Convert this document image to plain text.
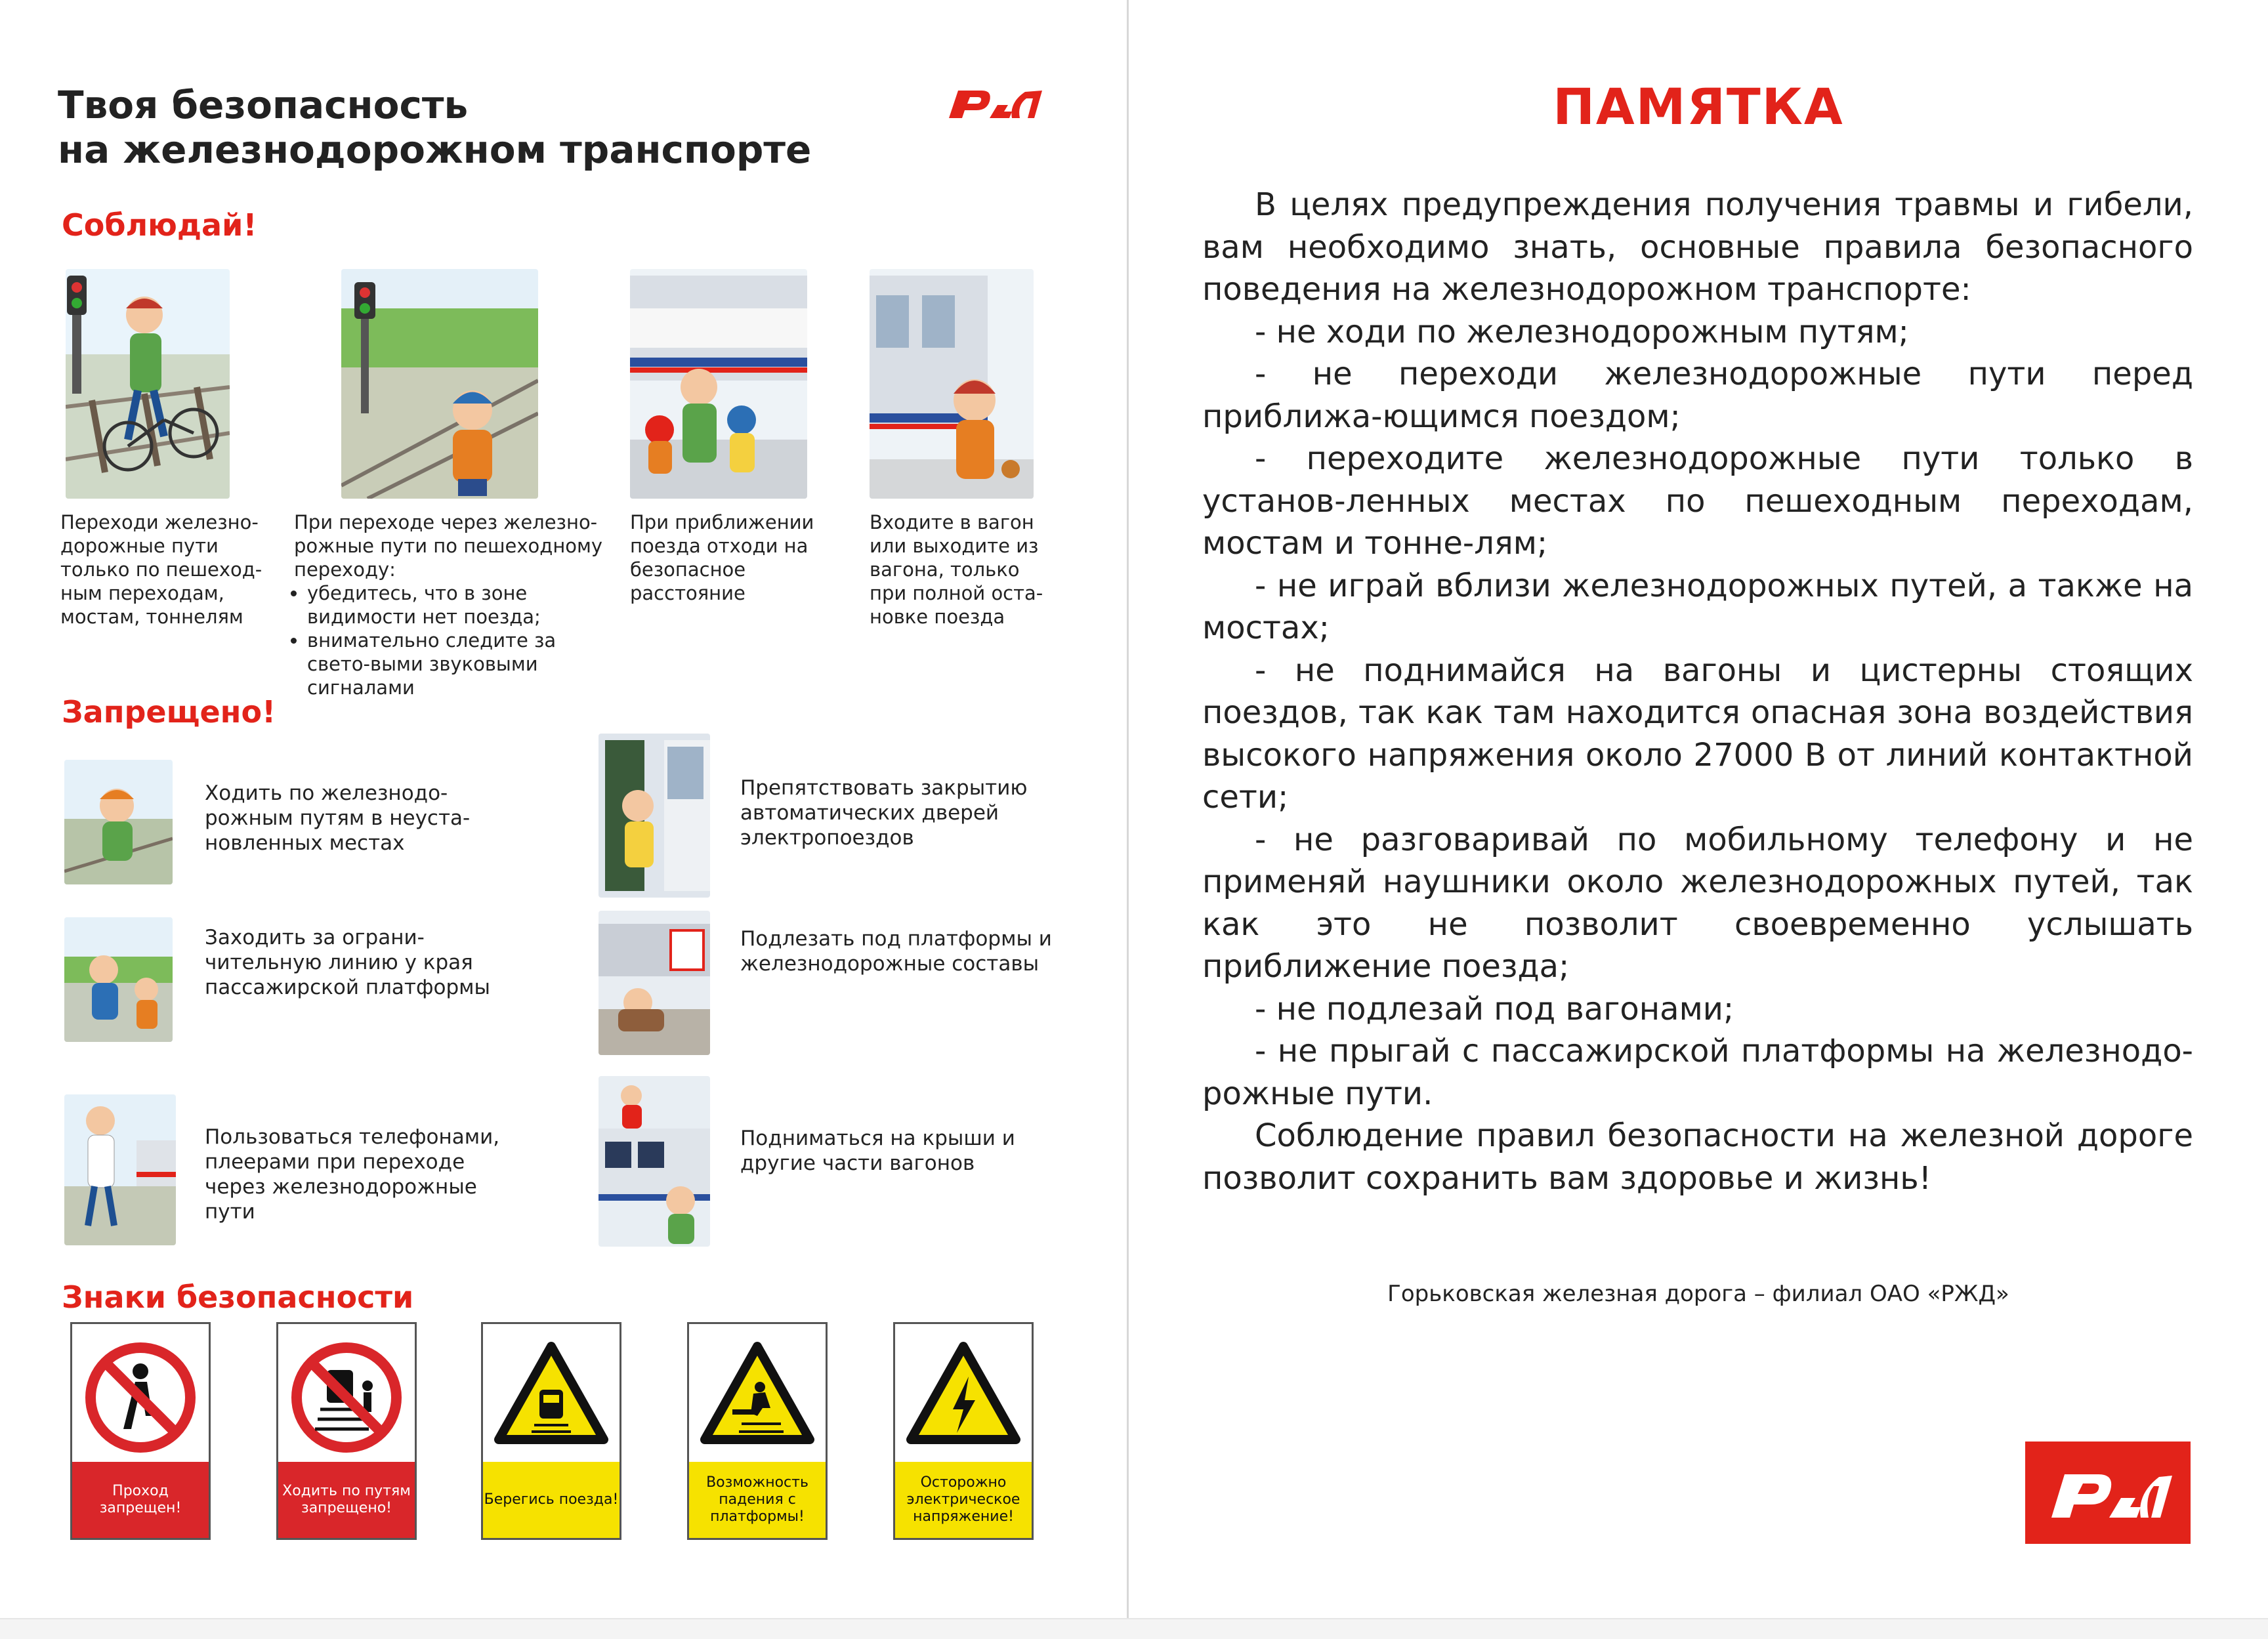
Твоя безопасность
на железнодорожном транспорте
Соблюдай!
Переходи железно-дорожные пути только по пешеход-ным переходам, мостам, тоннелям
При переходе через железно-рожные пути по пешеходному переходу:
• убедитесь, что в зоне видимости нет поезда;
• внимательно следите за свето-выми звуковыми сигналами
При приближении поезда отходи на безопасное расстояние
Входите в вагон или выходите из вагона, только при полной оста-новке поезда
Запрещено!
Ходить по железнодо-рожным путям в неуста-новленных местах
Препятствовать закрытию автоматических дверей электропоездов
Заходить за ограни-чительную линию у края пассажирской платформы
Подлезать под платформы и железнодорожные составы
Пользоваться телефонами, плеерами при переходе через железнодорожные пути
Подниматься на крыши и другие части вагонов
Знаки безопасности
Проход запрещен!
Ходить по путям запрещено!
Берегись поезда!
Возможность падения с платформы!
Осторожно электрическое напряжение!
ПАМЯТКА

В целях предупреждения получения травмы и гибели, вам необходимо знать, основные правила безопасного поведения на железнодорожном транспорте:

- не ходи по железнодорожным путям;

- не переходи железнодорожные пути перед приближа-ющимся поездом;

- переходите железнодорожные пути только в установ-ленных местах по пешеходным переходам, мостам и тонне-лям;

- не играй вблизи железнодорожных путей, а также на мостах;

- не поднимайся на вагоны и цистерны стоящих поездов, так как там находится опасная зона воздействия высокого напряжения около 27000 В от линий контактной сети;

- не разговаривай по мобильному телефону и не применяй наушники около железнодорожных путей, так как это не позволит своевременно услышать приближение поезда;

- не подлезай под вагонами;

- не прыгай с пассажирской платформы на железнодо-рожные пути.

Соблюдение правил безопасности на железной дороге позволит сохранить вам здоровье и жизнь!

Горьковская железная дорога – филиал ОАО «РЖД»
